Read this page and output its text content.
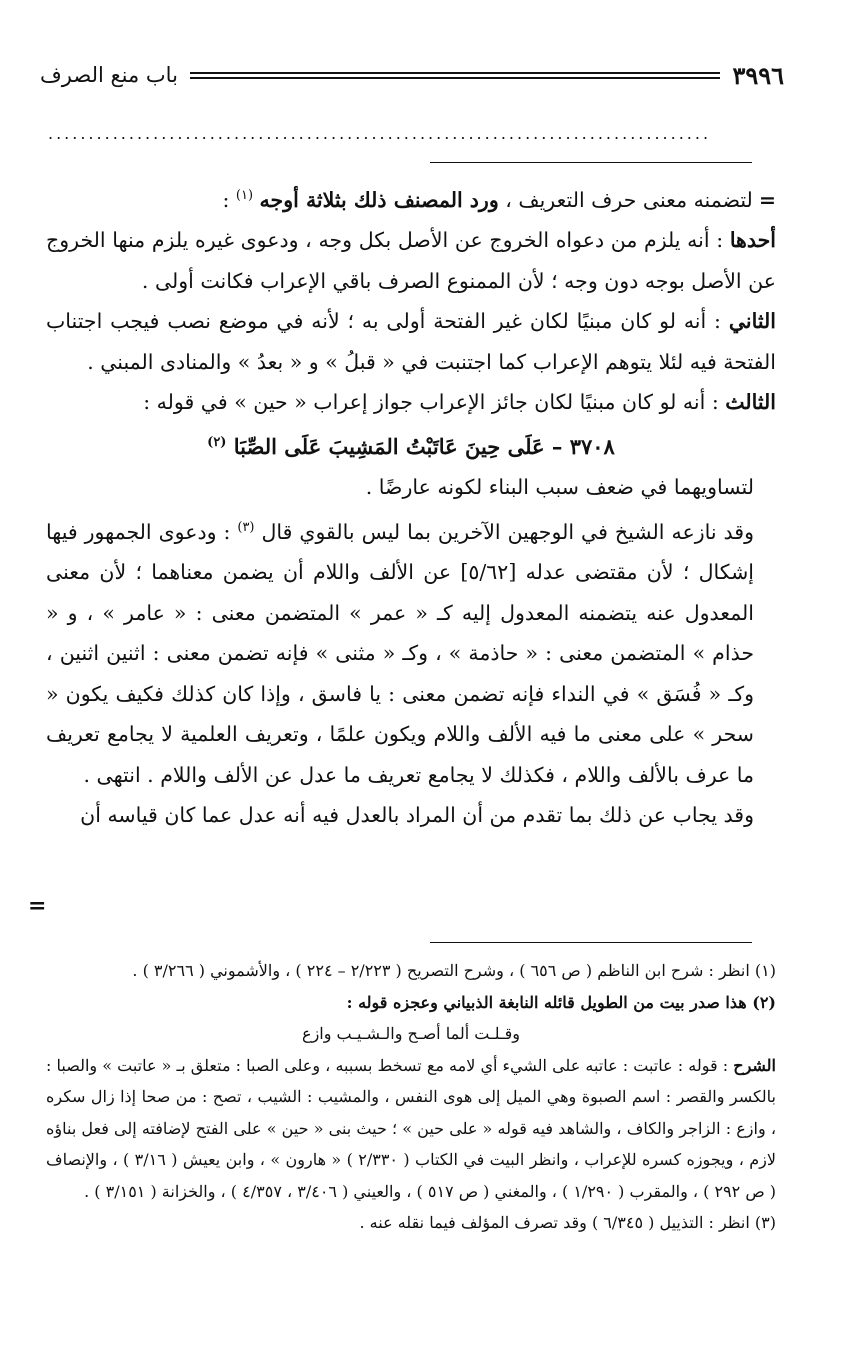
٣٩٩٦
باب منع الصرف
..................................................................................

=لتضمنه معنى حرف التعريف ، ورد المصنف ذلك بثلاثة أوجه $^{(١)}$ :

أحدها : أنه يلزم من دعواه الخروج عن الأصل بكل وجه ، ودعوى غيره يلزم منها الخروج عن الأصل بوجه دون وجه ؛ لأن الممنوع الصرف باقي الإعراب فكانت أولى .

الثاني : أنه لو كان مبنيًا لكان غير الفتحة أولى به ؛ لأنه في موضع نصب فيجب اجتناب الفتحة فيه لئلا يتوهم الإعراب كما اجتنبت في « قبلُ » و « بعدُ » والمنادى المبني .

الثالث : أنه لو كان مبنيًا لكان جائز الإعراب جواز إعراب « حين » في قوله :

٣٧٠٨ – عَلَى حِينَ عَاتَبْتُ المَشِيبَ عَلَى الصِّبَا $^{(٢)}$

لتساويهما في ضعف سبب البناء لكونه عارضًا .

وقد نازعه الشيخ في الوجهين الآخرين بما ليس بالقوي قال $^{(٣)}$ : ودعوى الجمهور فيها إشكال ؛ لأن مقتضى عدله [٥/٦٢] عن الألف واللام أن يضمن معناهما ؛ لأن معنى المعدول عنه يتضمنه المعدول إليه كـ « عمر » المتضمن معنى : « عامر » ، و « حذام » المتضمن معنى : « حاذمة » ، وكـ « مثنى » فإنه تضمن معنى : اثنين اثنين ، وكـ « فُسَق » في النداء فإنه تضمن معنى : يا فاسق ، وإذا كان كذلك فكيف يكون « سحر » على معنى ما فيه الألف واللام ويكون علمًا ، وتعريف العلمية لا يجامع تعريف ما عرف بالألف واللام ، فكذلك لا يجامع تعريف ما عدل عن الألف واللام . انتهى .

وقد يجاب عن ذلك بما تقدم من أن المراد بالعدل فيه أنه عدل عما كان قياسه أن

=

(١) انظر : شرح ابن الناظم ( ص ٦٥٦ ) ، وشرح التصريح ( ٢/٢٢٣ – ٢٢٤ ) ، والأشموني ( ٣/٢٦٦ ) .

(٢) هذا صدر بيت من الطويل قائله النابغة الذبياني وعجزه قوله :

وقـلـت ألما أصـح والـشـيـب وازع

الشرح : قوله : عاتبت : عاتبه على الشيء أي لامه مع تسخط بسببه ، وعلى الصبا : متعلق بـ « عاتبت » والصبا : بالكسر والقصر : اسم الصبوة وهي الميل إلى هوى النفس ، والمشيب : الشيب ، تصح : من صحا إذا زال سكره ، وازع : الزاجر والكاف ، والشاهد فيه قوله « على حين » ؛ حيث بنى « حين » على الفتح لإضافته إلى فعل بناؤه لازم ، ويجوزه كسره للإعراب ، وانظر البيت في الكتاب ( ٢/٣٣٠ ) « هارون » ، وابن يعيش ( ٣/١٦ ) ، والإنصاف ( ص ٢٩٢ ) ، والمقرب ( ١/٢٩٠ ) ، والمغني ( ص ٥١٧ ) ، والعيني ( ٣/٤٠٦ ، ٤/٣٥٧ ) ، والخزانة ( ٣/١٥١ ) .

(٣) انظر : التذييل ( ٦/٣٤٥ ) وقد تصرف المؤلف فيما نقله عنه .
